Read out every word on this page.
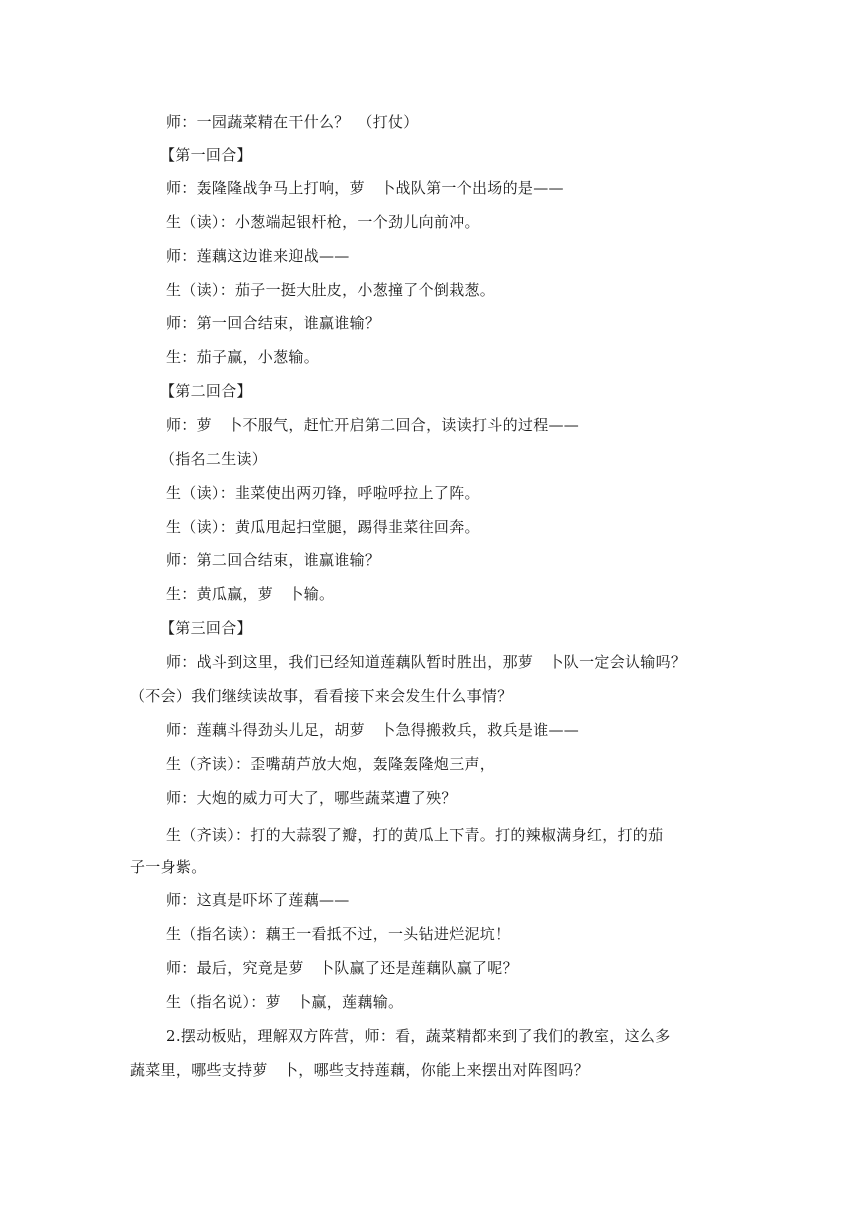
师：一园蔬菜精在干什么？　（打仗）
【第一回合】
师：轰隆隆战争马上打响，萝　卜战队第一个出场的是——
生（读）：小葱端起银杆枪，一个劲儿向前冲。
师：莲藕这边谁来迎战——
生（读）：茄子一挺大肚皮，小葱撞了个倒栽葱。
师：第一回合结束，谁赢谁输？
生：茄子赢，小葱输。
【第二回合】
师：萝　卜不服气，赶忙开启第二回合，读读打斗的过程——
（指名二生读）
生（读）：韭菜使出两刃锋，呼啦呼拉上了阵。
生（读）：黄瓜甩起扫堂腿，踢得韭菜往回奔。
师：第二回合结束，谁赢谁输？
生：黄瓜赢，萝　卜输。
【第三回合】
师：战斗到这里，我们已经知道莲藕队暂时胜出，那萝　卜队一定会认输吗？
（不会）我们继续读故事，看看接下来会发生什么事情？
师：莲藕斗得劲头儿足，胡萝　卜急得搬救兵，救兵是谁——
生（齐读）：歪嘴葫芦放大炮，轰隆轰隆炮三声，
师：大炮的威力可大了，哪些蔬菜遭了殃？
生（齐读）：打的大蒜裂了瓣，打的黄瓜上下青。打的辣椒满身红，打的茄
子一身紫。
师：这真是吓坏了莲藕——
生（指名读）：藕王一看抵不过，一头钻进烂泥坑！
师：最后，究竟是萝　卜队赢了还是莲藕队赢了呢？
生（指名说）：萝　卜赢，莲藕输。
2.摆动板贴，理解双方阵营，师：看，蔬菜精都来到了我们的教室，这么多
蔬菜里，哪些支持萝　卜，哪些支持莲藕，你能上来摆出对阵图吗？
